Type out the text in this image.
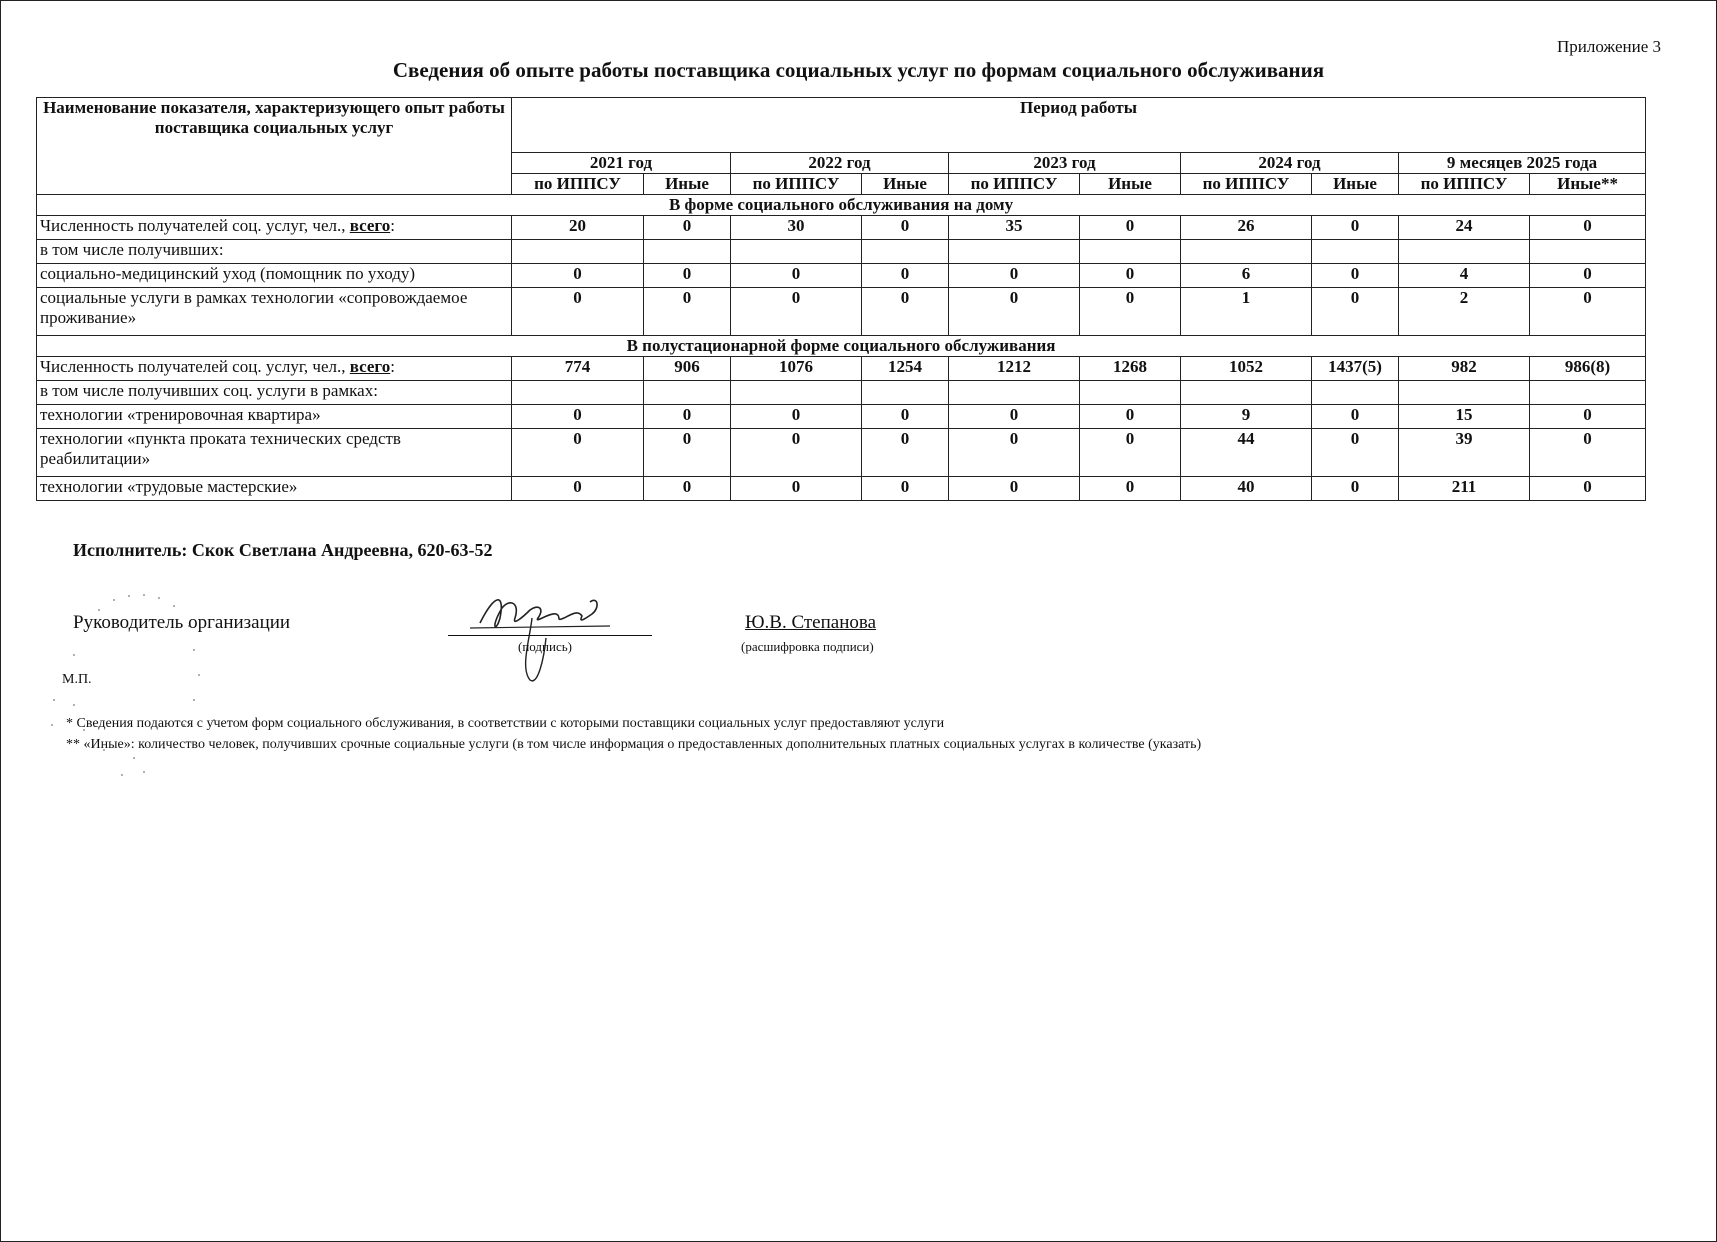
Приложение 3
Сведения об опыте работы поставщика социальных услуг по формам социального обслуживания
Наименование показателя, характеризующего опыт работы поставщика социальных услуг	Период работы									
	2021 год		2022 год		2023 год		2024 год		9 месяцев 2025 года	
	по ИППСУ	Иные	по ИППСУ	Иные	по ИППСУ	Иные	по ИППСУ	Иные	по ИППСУ	Иные**
В форме социального обслуживания на дому										
Численность получателей соц. услуг, чел., всего:	20	0	30	0	35	0	26	0	24	0
в том числе получивших:										
социально-медицинский уход (помощник по уходу)	0	0	0	0	0	0	6	0	4	0
социальные услуги в рамках технологии «сопровождаемое проживание»	0	0	0	0	0	0	1	0	2	0
В полустационарной форме социального обслуживания										
Численность получателей соц. услуг, чел., всего:	774	906	1076	1254	1212	1268	1052	1437(5)	982	986(8)
в том числе получивших соц. услуги в рамках:										
технологии «тренировочная квартира»	0	0	0	0	0	0	9	0	15	0
технологии «пункта проката технических средств реабилитации»	0	0	0	0	0	0	44	0	39	0
технологии «трудовые мастерские»	0	0	0	0	0	0	40	0	211	0
Исполнитель: Скок Светлана Андреевна, 620-63-52
Руководитель организации
(подпись)
Ю.В. Степанова
(расшифровка подписи)
М.П.
* Сведения подаются с учетом форм социального обслуживания, в соответствии с которыми поставщики социальных услуг предоставляют услуги
** «Иные»: количество человек, получивших срочные социальные услуги (в том числе информация о предоставленных дополнительных платных социальных услугах в количестве (указать)
